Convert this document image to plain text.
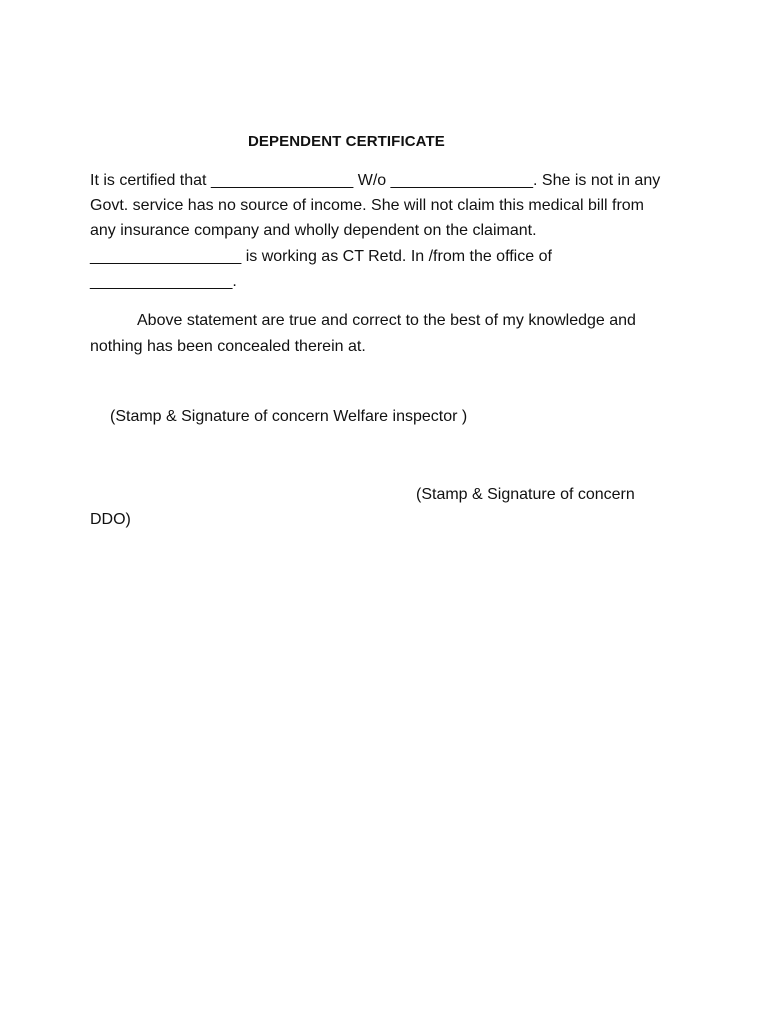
DEPENDENT CERTIFICATE
It is certified that ________________ W/o ________________. She is not in any
Govt. service has no source of income. She will not claim this medical bill from
any insurance company and wholly dependent on the claimant.
_________________ is working as CT Retd. In /from the office of
________________.
Above statement are true and correct to the best of my knowledge and
nothing has been concealed therein at.
(Stamp & Signature of concern Welfare inspector )
(Stamp & Signature of concern
DDO)
